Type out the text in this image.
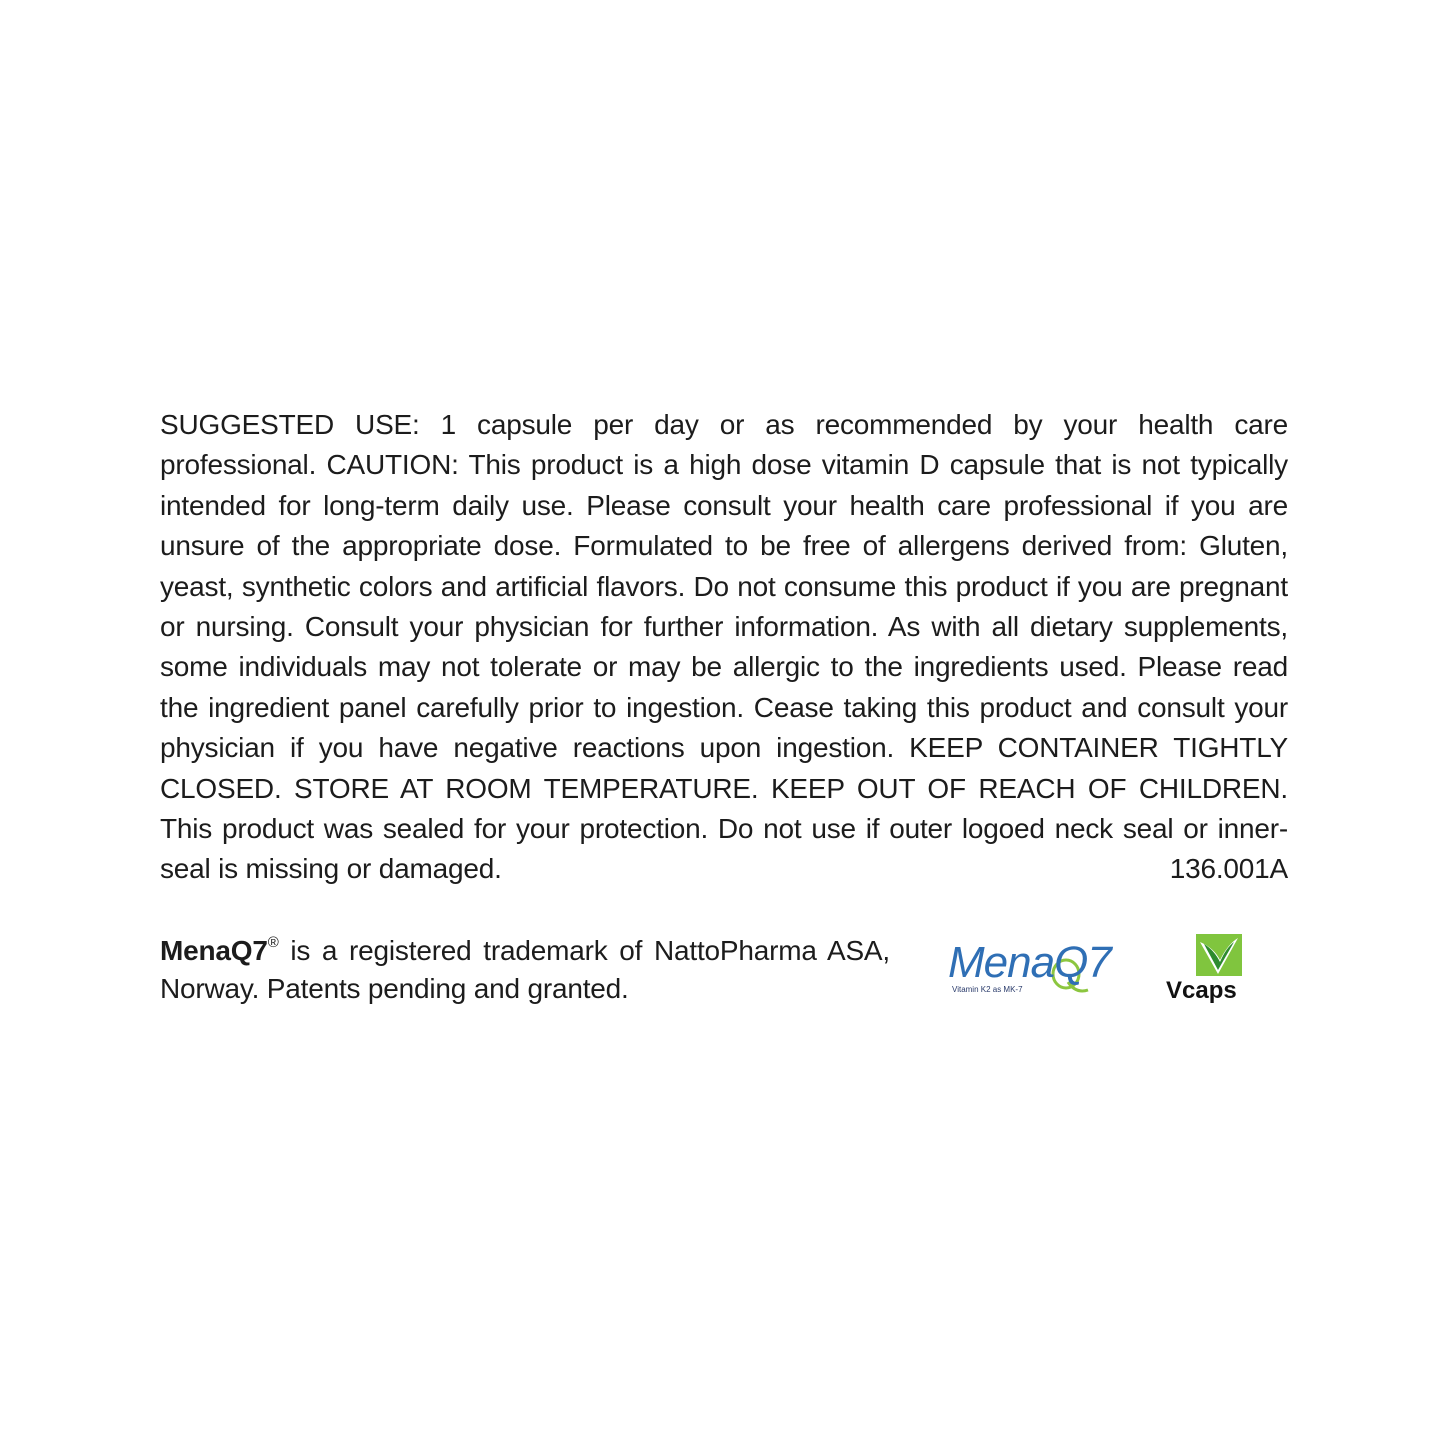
SUGGESTED USE: 1 capsule per day or as recommended by your health care professional. CAUTION: This product is a high dose vitamin D capsule that is not typically intended for long-term daily use. Please consult your health care professional if you are unsure of the appropriate dose. Formulated to be free of allergens derived from: Gluten, yeast, synthetic colors and artificial flavors. Do not consume this product if you are pregnant or nursing. Consult your physician for further information. As with all dietary supplements, some individuals may not tolerate or may be allergic to the ingredients used. Please read the ingredient panel carefully prior to ingestion. Cease taking this product and consult your physician if you have negative reactions upon ingestion. KEEP CONTAINER TIGHTLY CLOSED. STORE AT ROOM TEMPERATURE. KEEP OUT OF REACH OF CHILDREN. This product was sealed for your protection. Do not use if outer logoed neck seal or inner-seal is missing or damaged.	136.001A

MenaQ7® is a registered trademark of NattoPharma ASA, Norway. Patents pending and granted.
MenaQ7
Vitamin K2 as MK-7	Vcaps
